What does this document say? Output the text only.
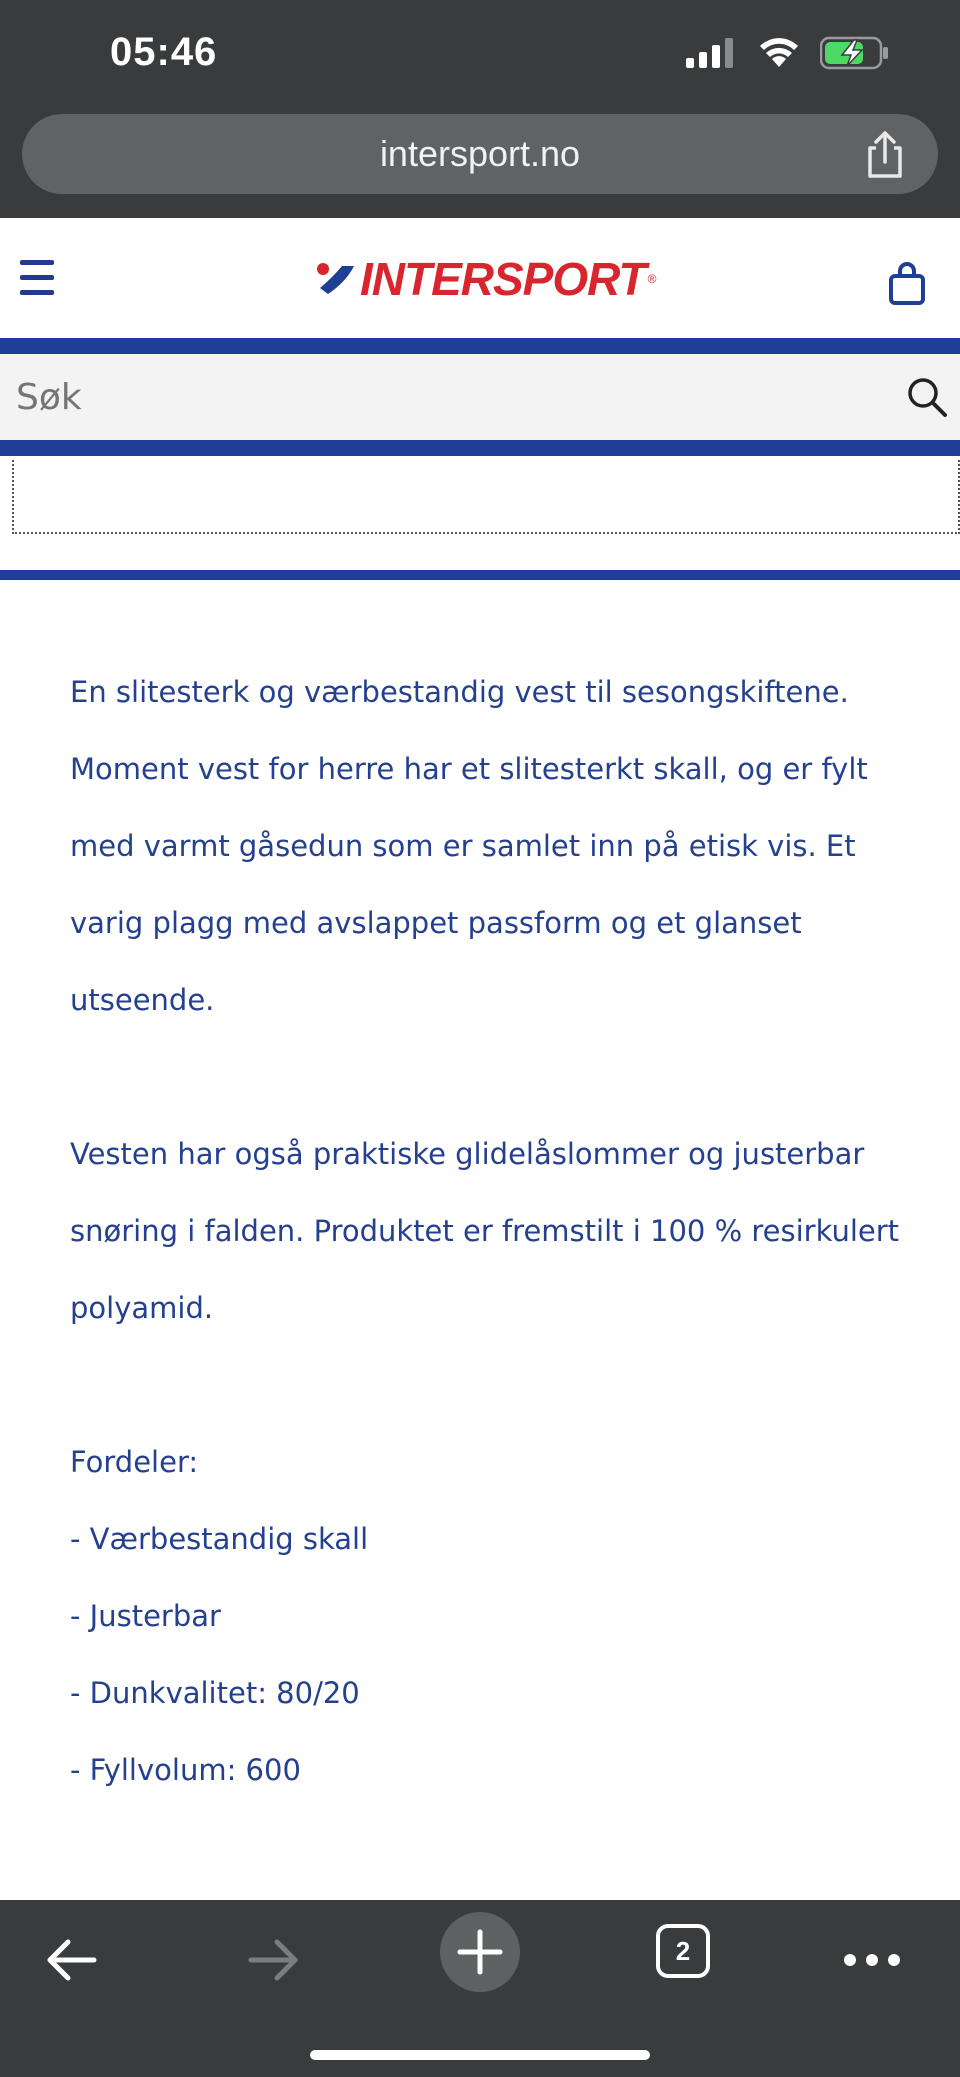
05:46
intersport.no
INTERSPORT ®
Søk

En slitesterk og værbestandig vest til sesongskiftene. Moment vest for herre har et slitesterkt skall, og er fylt med varmt gåsedun som er samlet inn på etisk vis. Et varig plagg med avslappet passform og et glanset utseende.

Vesten har også praktiske glidelåslommer og justerbar snøring i falden. Produktet er fremstilt i 100 % resirkulert polyamid.

Fordeler:
- Værbestandig skall
- Justerbar
- Dunkvalitet: 80/20
- Fyllvolum: 600
2
